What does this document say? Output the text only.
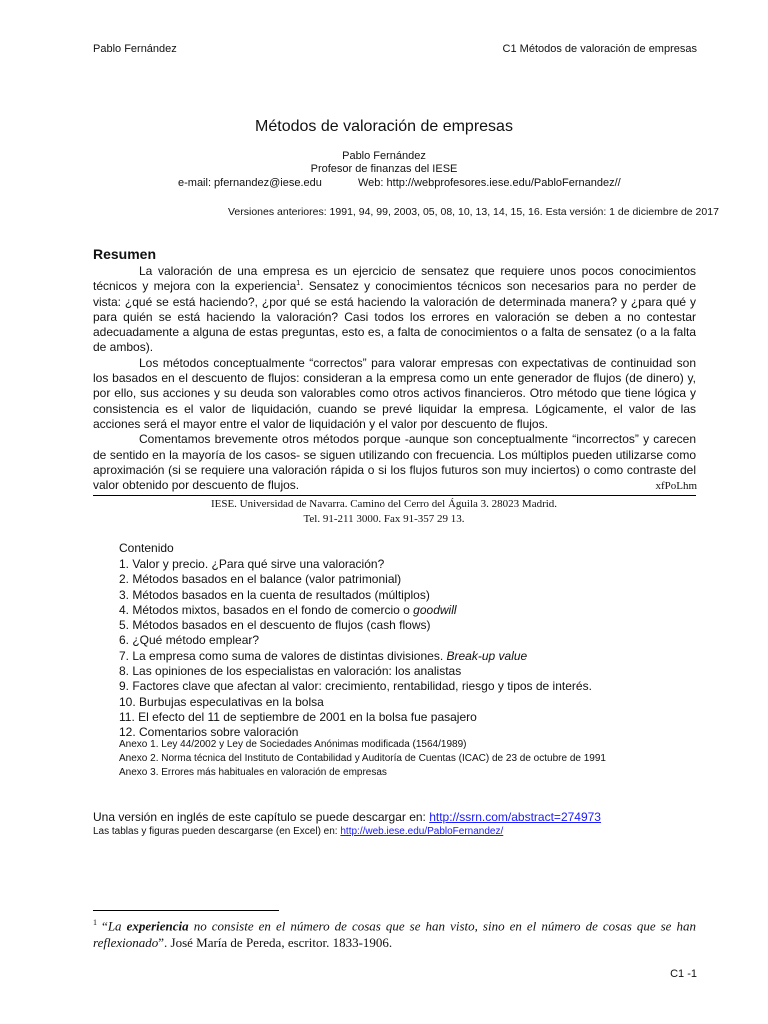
Pablo Fernández	C1 Métodos de valoración de empresas
Métodos de valoración de empresas
Pablo Fernández
Profesor de finanzas del IESE
e-mail: pfernandez@iese.edu	Web: http://webprofesores.iese.edu/PabloFernandez//
Versiones anteriores: 1991, 94, 99, 2003, 05, 08, 10, 13, 14, 15, 16. Esta versión: 1 de diciembre de 2017
Resumen

La valoración de una empresa es un ejercicio de sensatez que requiere unos pocos conocimientos técnicos y mejora con la experiencia$^1$. Sensatez y conocimientos técnicos son necesarios para no perder de vista: ¿qué se está haciendo?, ¿por qué se está haciendo la valoración de determinada manera? y ¿para qué y para quién se está haciendo la valoración? Casi todos los errores en valoración se deben a no contestar adecuadamente a alguna de estas preguntas, esto es, a falta de conocimientos o a falta de sensatez (o a la falta de ambos).

Los métodos conceptualmente “correctos” para valorar empresas con expectativas de continuidad son los basados en el descuento de flujos: consideran a la empresa como un ente generador de flujos (de dinero) y, por ello, sus acciones y su deuda son valorables como otros activos financieros. Otro método que tiene lógica y consistencia es el valor de liquidación, cuando se prevé liquidar la empresa. Lógicamente, el valor de las acciones será el mayor entre el valor de liquidación y el valor por descuento de flujos.

Comentamos brevemente otros métodos porque -aunque son conceptualmente “incorrectos” y carecen de sentido en la mayoría de los casos- se siguen utilizando con frecuencia. Los múltiplos pueden utilizarse como aproximación (si se requiere una valoración rápida o si los flujos futuros son muy inciertos) o como contraste del valor obtenido por descuento de flujos.	xfPoLhm
IESE. Universidad de Navarra. Camino del Cerro del Águila 3. 28023 Madrid.
Tel. 91-211 3000. Fax 91-357 29 13.
Contenido
1. Valor y precio. ¿Para qué sirve una valoración?
2. Métodos basados en el balance (valor patrimonial)
3. Métodos basados en la cuenta de resultados (múltiplos)
4. Métodos mixtos, basados en el fondo de comercio o goodwill
5. Métodos basados en el descuento de flujos (cash flows)
6. ¿Qué método emplear?
7. La empresa como suma de valores de distintas divisiones. Break-up value
8. Las opiniones de los especialistas en valoración: los analistas
9. Factores clave que afectan al valor: crecimiento, rentabilidad, riesgo y tipos de interés.
10. Burbujas especulativas en la bolsa
11. El efecto del 11 de septiembre de 2001 en la bolsa fue pasajero
12. Comentarios sobre valoración
Anexo 1. Ley 44/2002 y Ley de Sociedades Anónimas modificada (1564/1989)
Anexo 2. Norma técnica del Instituto de Contabilidad y Auditoría de Cuentas (ICAC) de 23 de octubre de 1991
Anexo 3. Errores más habituales en valoración de empresas
Una versión en inglés de este capítulo se puede descargar en: http://ssrn.com/abstract=274973
Las tablas y figuras pueden descargarse (en Excel) en: http://web.iese.edu/PabloFernandez/
$^1$ “La experiencia no consiste en el número de cosas que se han visto, sino en el número de cosas que se han reflexionado”. José María de Pereda, escritor. 1833-1906.
C1 -1
